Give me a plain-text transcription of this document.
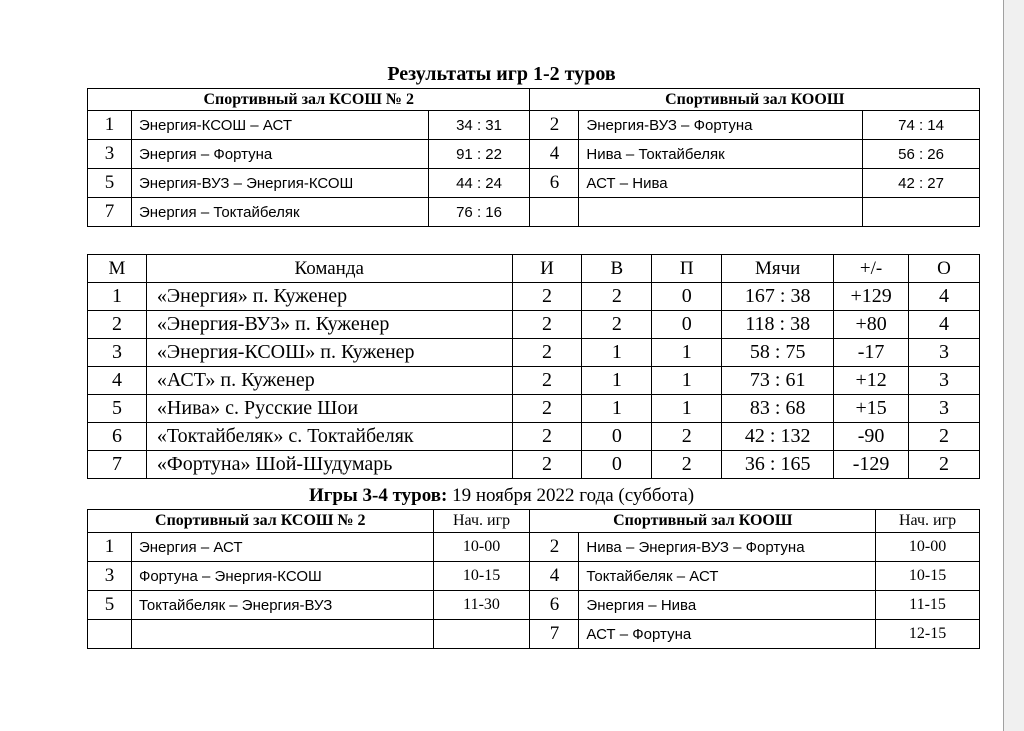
Результаты игр 1-2 туров
Спортивный зал КСОШ № 2			Спортивный зал КООШ		
1	Энергия-КСОШ – АСТ	34 : 31	2	Энергия-ВУЗ – Фортуна	74 : 14
3	Энергия – Фортуна	91 : 22	4	Нива – Токтайбеляк	56 : 26
5	Энергия-ВУЗ – Энергия-КСОШ	44 : 24	6	АСТ – Нива	42 : 27
7	Энергия – Токтайбеляк	76 : 16			
М	Команда	И	В	П	Мячи	+/-	О
1	«Энергия» п. Куженер	2	2	0	167 : 38	+129	4
2	«Энергия-ВУЗ» п. Куженер	2	2	0	118 : 38	+80	4
3	«Энергия-КСОШ» п. Куженер	2	1	1	58 : 75	-17	3
4	«АСТ» п. Куженер	2	1	1	73 : 61	+12	3
5	«Нива» с. Русские Шои	2	1	1	83 : 68	+15	3
6	«Токтайбеляк» с. Токтайбеляк	2	0	2	42 : 132	-90	2
7	«Фортуна» Шой-Шудумарь	2	0	2	36 : 165	-129	2
Игры 3-4 туров: 19 ноября 2022 года (суббота)
Спортивный зал КСОШ № 2		Нач. игр	Спортивный зал КООШ		Нач. игр
1	Энергия – АСТ	10-00	2	Нива – Энергия-ВУЗ – Фортуна	10-00
3	Фортуна – Энергия-КСОШ	10-15	4	Токтайбеляк – АСТ	10-15
5	Токтайбеляк – Энергия-ВУЗ	11-30	6	Энергия – Нива	11-15
			7	АСТ – Фортуна	12-15
